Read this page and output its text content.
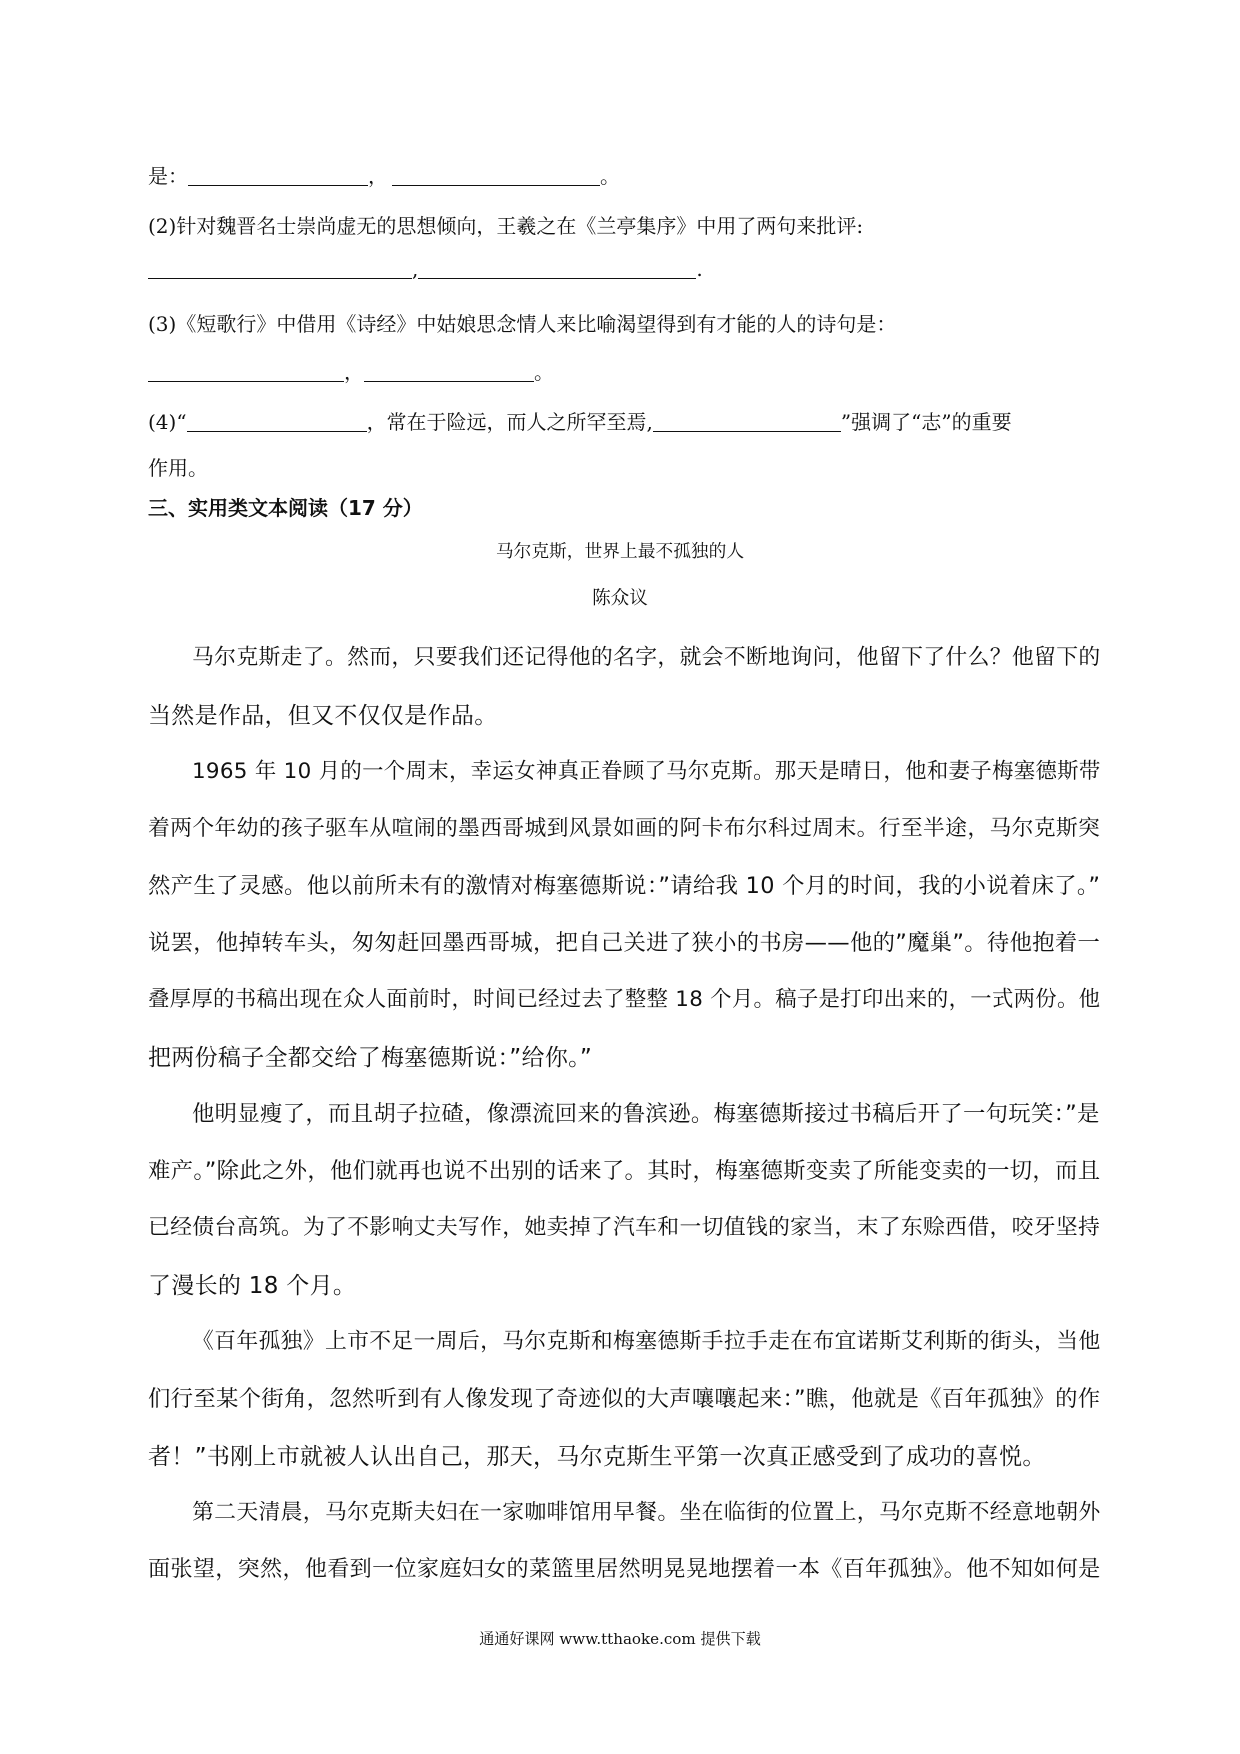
是：	，	。
(2)针对魏晋名士崇尚虚无的思想倾向，王羲之在《兰亭集序》中用了两句来批评:
,	.
(3)《短歌行》中借用《诗经》中姑娘思念情人来比喻渴望得到有才能的人的诗句是：
，	。
(4)“	，常在于险远，而人之所罕至焉,	”强调了“志”的重要
作用。
三、实用类文本阅读（17 分）
马尔克斯，世界上最不孤独的人
陈众议
马尔克斯走了。然而，只要我们还记得他的名字，就会不断地询问，他留下了什么？他留下的
当然是作品，但又不仅仅是作品。
1965 年 10 月的一个周末，幸运女神真正眷顾了马尔克斯。那天是晴日，他和妻子梅塞德斯带
着两个年幼的孩子驱车从喧闹的墨西哥城到风景如画的阿卡布尔科过周末。行至半途，马尔克斯突
然产生了灵感。他以前所未有的激情对梅塞德斯说：”请给我 10 个月的时间，我的小说着床了。”
说罢，他掉转车头，匆匆赶回墨西哥城，把自己关进了狭小的书房——他的”魔巢”。待他抱着一
叠厚厚的书稿出现在众人面前时，时间已经过去了整整 18 个月。稿子是打印出来的，一式两份。他
把两份稿子全都交给了梅塞德斯说：”给你。”
他明显瘦了，而且胡子拉碴，像漂流回来的鲁滨逊。梅塞德斯接过书稿后开了一句玩笑：”是
难产。”除此之外，他们就再也说不出别的话来了。其时，梅塞德斯变卖了所能变卖的一切，而且
已经债台高筑。为了不影响丈夫写作，她卖掉了汽车和一切值钱的家当，末了东赊西借，咬牙坚持
了漫长的 18 个月。
《百年孤独》上市不足一周后，马尔克斯和梅塞德斯手拉手走在布宜诺斯艾利斯的街头，当他
们行至某个街角，忽然听到有人像发现了奇迹似的大声嚷嚷起来：”瞧，他就是《百年孤独》的作
者！”书刚上市就被人认出自己，那天，马尔克斯生平第一次真正感受到了成功的喜悦。
第二天清晨，马尔克斯夫妇在一家咖啡馆用早餐。坐在临街的位置上，马尔克斯不经意地朝外
面张望，突然，他看到一位家庭妇女的菜篮里居然明晃晃地摆着一本《百年孤独》。他不知如何是
通通好课网 www.tthaoke.com 提供下载
